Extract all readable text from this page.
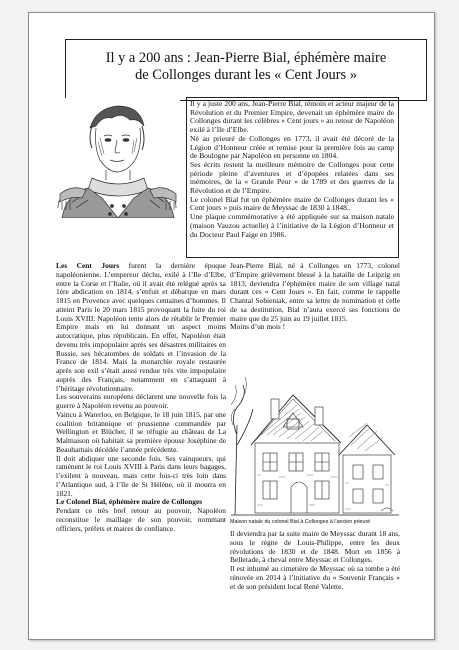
Il y a 200 ans : Jean-Pierre Bial, éphémère maire
de Collonges durant les « Cent Jours »

Il y a juste 200 ans, Jean-Pierre Bial, témoin et acteur majeur de la Révolution et du Premier Empire, devenait un éphémère maire de Collonges durant les célèbres « Cent jours » au retour de Napoléon exilé à l’Ile d’Elbe.

Né au prieuré de Collonges en 1773, il avait été décoré de la Légion d’Honneur créée et remise pour la première fois au camp de Boulogne par Napoléon en personne en 1804.

Ses écrits restent la meilleure mémoire de Collonges pour cette période pleine d’aventures et d’épopées relatées dans ses mémoires, de la « Grande Peur » de 1789 et des guerres de la Révolution et de l’Empire.

Le colonel Bial fut un éphémère maire de Collonges durant les « Cent jours » puis maire de Meyssac de 1830 à 1848..

Une plaque commémorative a été appliquée sur sa maison natale (maison Vauzou actuelle) à l’initiative de la Légion d’Honneur et du Docteur Paul Faige en 1986.

Les Cent Jours furent la dernière époque napoléonienne. L’empereur déchu, exilé à l’Ile d’Elbe, entre la Corse et l’Italie, où il avait été relégué après sa 1ère abdication en 1814, s’enfuit et débarque en mars 1815 en Provence avec quelques centaines d’hommes. Il atteint Paris le 20 mars 1815 provoquant la fuite du roi Louis XVIII. Napoléon tente alors de rétablir le Premier Empire mais en lui donnant un aspect moins autocratique, plus républicain. En effet, Napoléon était devenu très impopulaire après ses désastres militaires en Russie, ses hécatombes de soldats et l’invasion de la France de 1814. Mais la monarchie royale restaurée après son exil s’était aussi rendue très vite impopulaire auprès des Français, notamment en s’attaquant à l’héritage révolutionnaire.

Les souverains européens déclarent une nouvelle fois la guerre à Napoléon revenu au pouvoir.

Vaincu à Waterloo, en Belgique, le 18 juin 1815, par une coalition britannique et prussienne commandée par Wellington et Blücher, il se réfugie au château de La Malmaison où habitait sa première épouse Joséphine de Beauharnais décédée l’année précédente.

Il doit abdiquer une seconde fois. Ses vainqueurs, qui ramènent le roi Louis XVIII à Paris dans leurs bagages, l’exilent à nouveau, mais cette fois-ci très loin dans l’Atlantique sud, à l’île de St Hélène, où il mourra en 1821.

Le Colonel Bial, éphémère maire de Collonges

Pendant ce très bref retour au pouvoir, Napoléon reconstitue le maillage de son pouvoir, nommant officiers, préfets et maires de confiance.

Jean-Pierre Bial, né à Collonges en 1773, colonel d’Empire grièvement blessé à la bataille de Leipzig en 1813, deviendra l’éphémère maire de son village natal durant ces « Cent Jours ». En fait, comme le rappelle Chantal Sobieniak, entre sa lettre de nomination et celle de sa destitution, Bial n’aura exercé ses fonctions de maire que du 25 juin au 19 juillet 1815.

Moins d’un mois !

Maison natale du colonel Bial à Collonges à l’ancien prieuré

Il deviendra par la suite maire de Meyssac durant 18 ans, sous le règne de Louis-Philippe, entre les deux révolutions de 1830 et de 1848. Mort en 1856 à Bellerade, à cheval entre Meyssac et Collonges.

Il est inhumé au cimetière de Meyssac où sa tombe a été rénovée en 2014 à l’initiative du « Souvenir Français » et de son président local René Valette.
